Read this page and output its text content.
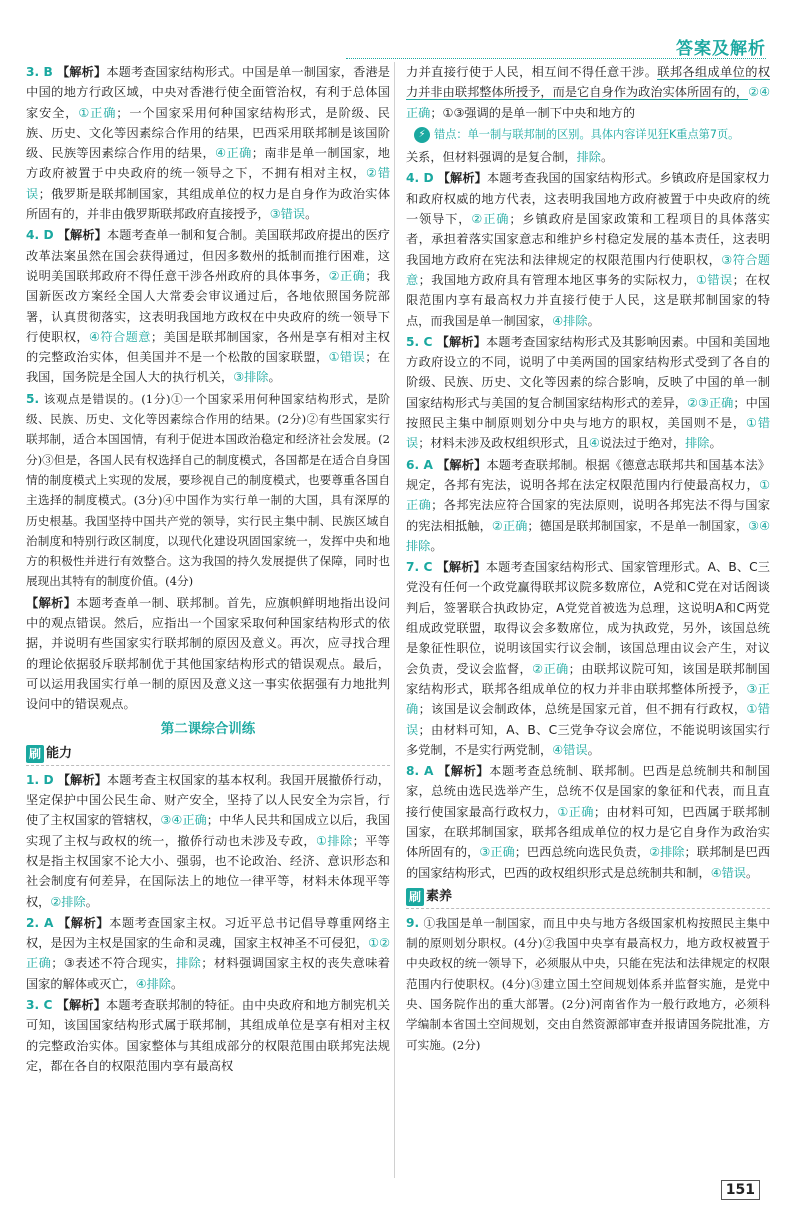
答案及解析
3. B 【解析】本题考查国家结构形式。中国是单一制国家，香港是中国的地方行政区域，中央对香港行使全面管治权，有利于总体国家安全，①正确；一个国家采用何种国家结构形式，是阶级、民族、历史、文化等因素综合作用的结果，巴西采用联邦制是该国阶级、民族等因素综合作用的结果，④正确；南非是单一制国家，地方政府被置于中央政府的统一领导之下，不拥有相对主权，②错误；俄罗斯是联邦制国家，其组成单位的权力是自身作为政治实体所固有的，并非由俄罗斯联邦政府直接授予，③错误。
4. D 【解析】本题考查单一制和复合制。美国联邦政府提出的医疗改革法案虽然在国会获得通过，但因多数州的抵制而推行困难，这说明美国联邦政府不得任意干涉各州政府的具体事务，②正确；我国新医改方案经全国人大常委会审议通过后，各地依照国务院部署，认真贯彻落实，这表明我国地方政权在中央政府的统一领导下行使职权，④符合题意；美国是联邦制国家，各州是享有相对主权的完整政治实体，但美国并不是一个松散的国家联盟，①错误；在我国，国务院是全国人大的执行机关，③排除。
5. 该观点是错误的。(1分)①一个国家采用何种国家结构形式，是阶级、民族、历史、文化等因素综合作用的结果。(2分)②有些国家实行联邦制，适合本国国情，有利于促进本国政治稳定和经济社会发展。(2分)③但是，各国人民有权选择自己的制度模式，各国都是在适合自身国情的制度模式上实现的发展，要珍视自己的制度模式，也要尊重各国自主选择的制度模式。(3分)④中国作为实行单一制的大国，具有深厚的历史根基。我国坚持中国共产党的领导，实行民主集中制、民族区域自治制度和特别行政区制度，以现代化建设巩固国家统一，发挥中央和地方的积极性并进行有效整合。这为我国的持久发展提供了保障，同时也展现出其特有的制度价值。(4分)
【解析】本题考查单一制、联邦制。首先，应旗帜鲜明地指出设问中的观点错误。然后，应指出一个国家采取何种国家结构形式的依据，并说明有些国家实行联邦制的原因及意义。再次，应寻找合理的理论依据驳斥联邦制优于其他国家结构形式的错误观点。最后，可以运用我国实行单一制的原因及意义这一事实依据强有力地批判设问中的错误观点。
第二课综合训练
刷 能力
1. D 【解析】本题考查主权国家的基本权利。我国开展撤侨行动，坚定保护中国公民生命、财产安全，坚持了以人民安全为宗旨，行使了主权国家的管辖权，③④正确；中华人民共和国成立以后，我国实现了主权与政权的统一，撤侨行动也未涉及专政，①排除；平等权是指主权国家不论大小、强弱，也不论政治、经济、意识形态和社会制度有何差异，在国际法上的地位一律平等，材料未体现平等权，②排除。
2. A 【解析】本题考查国家主权。习近平总书记倡导尊重网络主权，是因为主权是国家的生命和灵魂，国家主权神圣不可侵犯，①②正确；③表述不符合现实，排除；材料强调国家主权的丧失意味着国家的解体或灭亡，④排除。
3. C 【解析】本题考查联邦制的特征。由中央政府和地方制宪机关可知，该国国家结构形式属于联邦制，其组成单位是享有相对主权的完整政治实体。国家整体与其组成部分的权限范围由联邦宪法规定，都在各自的权限范围内享有最高权
力并直接行使于人民，相互间不得任意干涉。联邦各组成单位的权力并非由联邦整体所授予，而是它自身作为政治实体所固有的，②④正确；①③强调的是单一制下中央和地方的
⚡ 错点：单一制与联邦制的区别。具体内容详见狂K重点第7页。
关系，但材料强调的是复合制，排除。
4. D 【解析】本题考查我国的国家结构形式。乡镇政府是国家权力和政府权威的地方代表，这表明我国地方政府被置于中央政府的统一领导下，②正确；乡镇政府是国家政策和工程项目的具体落实者，承担着落实国家意志和维护乡村稳定发展的基本责任，这表明我国地方政府在宪法和法律规定的权限范围内行使职权，③符合题意；我国地方政府具有管理本地区事务的实际权力，①错误；在权限范围内享有最高权力并直接行使于人民，这是联邦制国家的特点，而我国是单一制国家，④排除。
5. C 【解析】本题考查国家结构形式及其影响因素。中国和美国地方政府设立的不同，说明了中美两国的国家结构形式受到了各自的阶级、民族、历史、文化等因素的综合影响，反映了中国的单一制国家结构形式与美国的复合制国家结构形式的差异，②③正确；中国按照民主集中制原则划分中央与地方的职权，美国则不是，①错误；材料未涉及政权组织形式，且④说法过于绝对，排除。
6. A 【解析】本题考查联邦制。根据《德意志联邦共和国基本法》规定，各邦有宪法，说明各邦在法定权限范围内行使最高权力，①正确；各邦宪法应符合国家的宪法原则，说明各邦宪法不得与国家的宪法相抵触，②正确；德国是联邦制国家，不是单一制国家，③④排除。
7. C 【解析】本题考查国家结构形式、国家管理形式。A、B、C三党没有任何一个政党赢得联邦议院多数席位，A党和C党在对话阁谈判后，签署联合执政协定，A党党首被选为总理，这说明A和C两党组成政党联盟，取得议会多数席位，成为执政党，另外，该国总统是象征性职位，说明该国实行议会制，该国总理由议会产生，对议会负责，受议会监督，②正确；由联邦议院可知，该国是联邦制国家结构形式，联邦各组成单位的权力并非由联邦整体所授予，③正确；该国是议会制政体，总统是国家元首，但不拥有行政权，①错误；由材料可知，A、B、C三党争夺议会席位，不能说明该国实行多党制，不是实行两党制，④错误。
8. A 【解析】本题考查总统制、联邦制。巴西是总统制共和制国家，总统由选民选举产生，总统不仅是国家的象征和代表，而且直接行使国家最高行政权力，①正确；由材料可知，巴西属于联邦制国家，在联邦制国家，联邦各组成单位的权力是它自身作为政治实体所固有的，③正确；巴西总统向选民负责，②排除；联邦制是巴西的国家结构形式，巴西的政权组织形式是总统制共和制，④错误。
刷 素养
9. ①我国是单一制国家，而且中央与地方各级国家机构按照民主集中制的原则划分职权。(4分)②我国中央享有最高权力，地方政权被置于中央政权的统一领导下，必须服从中央，只能在宪法和法律规定的权限范围内行使职权。(4分)③建立国土空间规划体系并监督实施，是党中央、国务院作出的重大部署。(2分)河南省作为一般行政地方，必须科学编制本省国土空间规划，交由自然资源部审查并报请国务院批准，方可实施。(2分)
151
